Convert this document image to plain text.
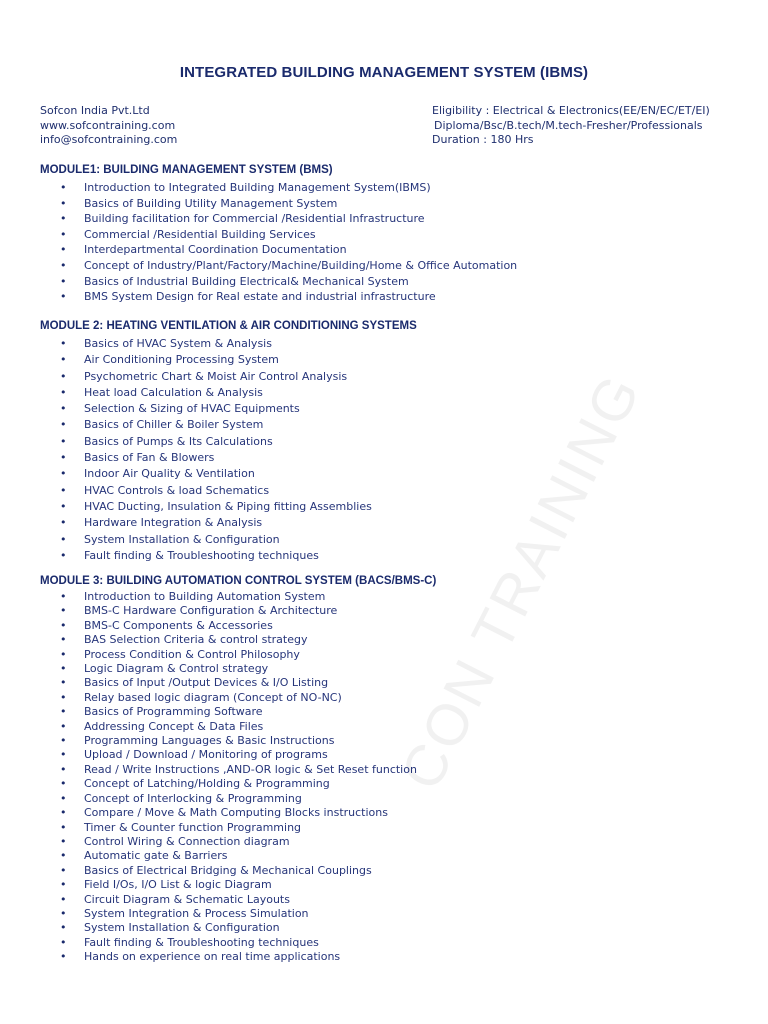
CON TRAINING
INTEGRATED BUILDING MANAGEMENT SYSTEM (IBMS)
Sofcon India Pvt.Ltd
www.sofcontraining.com
info@sofcontraining.com
Eligibility : Electrical & Electronics(EE/EN/EC/ET/EI)
Diploma/Bsc/B.tech/M.tech-Fresher/Professionals
Duration : 180 Hrs
MODULE1: BUILDING MANAGEMENT SYSTEM (BMS)
• Introduction to Integrated Building Management System(IBMS)
• Basics of Building Utility Management System
• Building facilitation for Commercial /Residential Infrastructure
• Commercial /Residential Building Services
• Interdepartmental Coordination Documentation
• Concept of Industry/Plant/Factory/Machine/Building/Home & Office Automation
• Basics of Industrial Building Electrical& Mechanical System
• BMS System Design for Real estate and industrial infrastructure
MODULE 2: HEATING VENTILATION & AIR CONDITIONING SYSTEMS
• Basics of HVAC System & Analysis
• Air Conditioning Processing System
• Psychometric Chart & Moist Air Control Analysis
• Heat load Calculation & Analysis
• Selection & Sizing of HVAC Equipments
• Basics of Chiller & Boiler System
• Basics of Pumps & Its Calculations
• Basics of Fan & Blowers
• Indoor Air Quality & Ventilation
• HVAC Controls & load Schematics
• HVAC Ducting, Insulation & Piping fitting Assemblies
• Hardware Integration & Analysis
• System Installation & Configuration
• Fault finding & Troubleshooting techniques
MODULE 3: BUILDING AUTOMATION CONTROL SYSTEM (BACS/BMS-C)
• Introduction to Building Automation System
• BMS-C Hardware Configuration & Architecture
• BMS-C Components & Accessories
• BAS Selection Criteria & control strategy
• Process Condition & Control Philosophy
• Logic Diagram & Control strategy
• Basics of Input /Output Devices & I/O Listing
• Relay based logic diagram (Concept of NO-NC)
• Basics of Programming Software
• Addressing Concept & Data Files
• Programming Languages & Basic Instructions
• Upload / Download / Monitoring of programs
• Read / Write Instructions ,AND-OR logic & Set Reset function
• Concept of Latching/Holding & Programming
• Concept of Interlocking & Programming
• Compare / Move & Math Computing Blocks instructions
• Timer & Counter function Programming
• Control Wiring & Connection diagram
• Automatic gate & Barriers
• Basics of Electrical Bridging & Mechanical Couplings
• Field I/Os, I/O List & logic Diagram
• Circuit Diagram & Schematic Layouts
• System Integration & Process Simulation
• System Installation & Configuration
• Fault finding & Troubleshooting techniques
• Hands on experience on real time applications
